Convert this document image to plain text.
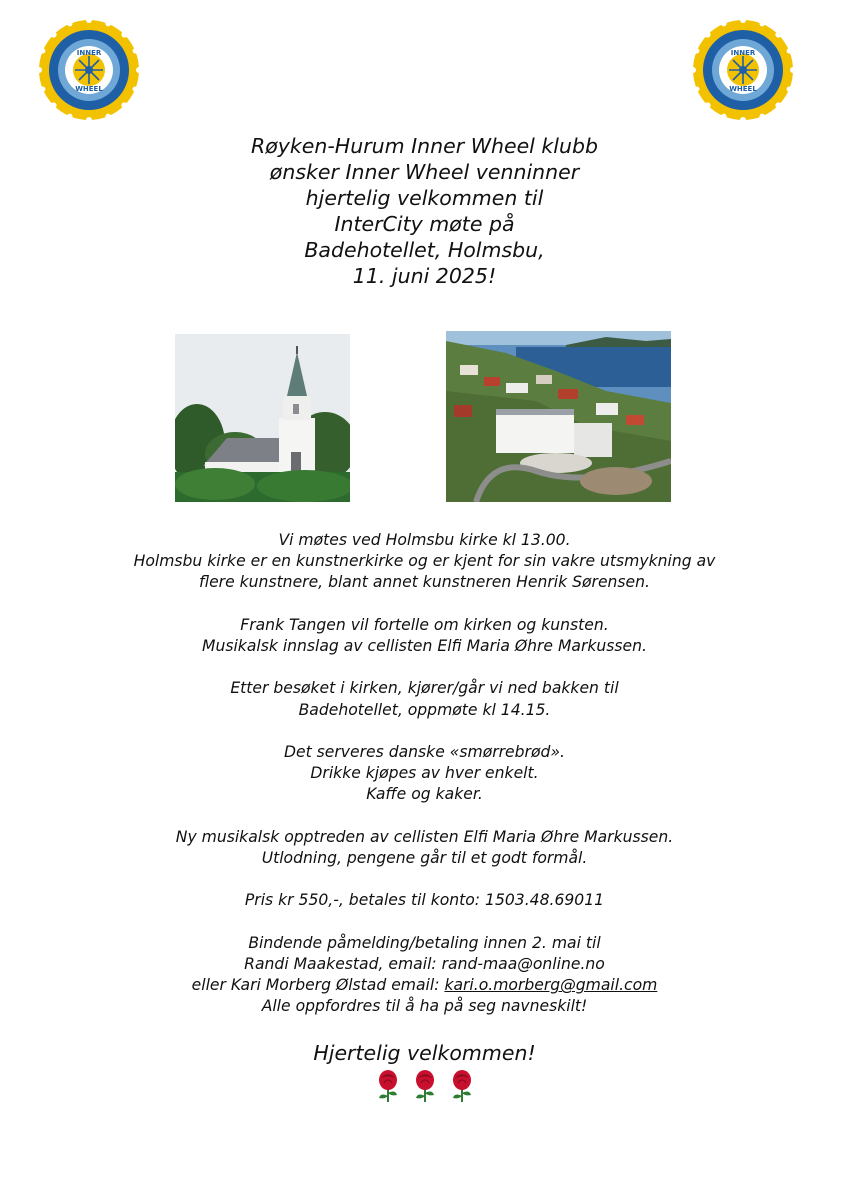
INNER
WHEEL
INNER
WHEEL
Røyken-Hurum Inner Wheel klubb
ønsker Inner Wheel venninner
hjertelig velkommen til
InterCity møte på
Badehotellet, Holmsbu,
11. juni 2025!
Vi møtes ved Holmsbu kirke kl 13.00.
Holmsbu kirke er en kunstnerkirke og er kjent for sin vakre utsmykning av
flere kunstnere, blant annet kunstneren Henrik Sørensen.
Frank Tangen vil fortelle om kirken og kunsten.
Musikalsk innslag av cellisten Elfi Maria Øhre Markussen.
Etter besøket i kirken, kjører/går vi ned bakken til
Badehotellet, oppmøte kl 14.15.
Det serveres danske «smørrebrød».
Drikke kjøpes av hver enkelt.
Kaffe og kaker.
Ny musikalsk opptreden av cellisten Elfi Maria Øhre Markussen.
Utlodning, pengene går til et godt formål.
Pris kr 550,-, betales til konto: 1503.48.69011
Bindende påmelding/betaling innen 2. mai til
Randi Maakestad, email: rand-maa@online.no
eller Kari Morberg Ølstad email: kari.o.morberg@gmail.com
Alle oppfordres til å ha på seg navneskilt!
Hjertelig velkommen!
